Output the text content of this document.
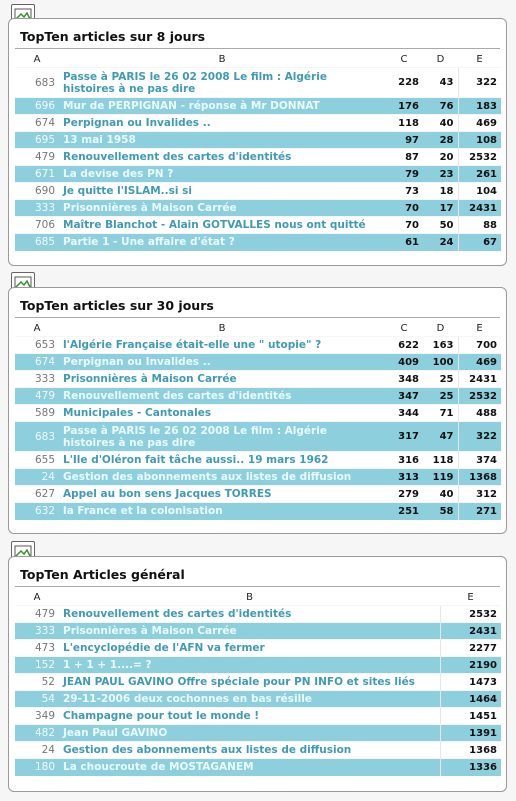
TopTen articles sur 8 jours
A	B	C	D	E
683	Passe à PARIS le 26 02 2008 Le film : Algérie histoires à ne pas dire	228	43	322
696	Mur de PERPIGNAN - réponse à Mr DONNAT	176	76	183
674	Perpignan ou Invalides ..	118	40	469
695	13 mai 1958	97	28	108
479	Renouvellement des cartes d'identités	87	20	2532
671	La devise des PN ?	79	23	261
690	Je quitte l'ISLAM..si si	73	18	104
333	Prisonnières à Maison Carrée	70	17	2431
706	Maître Blanchot - Alain GOTVALLES nous ont quitté	70	50	88
685	Partie 1 - Une affaire d'état ?	61	24	67
TopTen articles sur 30 jours
A	B	C	D	E
653	l'Algérie Française était-elle une " utopie" ?	622	163	700
674	Perpignan ou Invalides ..	409	100	469
333	Prisonnières à Maison Carrée	348	25	2431
479	Renouvellement des cartes d'identités	347	25	2532
589	Municipales - Cantonales	344	71	488
683	Passe à PARIS le 26 02 2008 Le film : Algérie histoires à ne pas dire	317	47	322
655	L'Ile d'Oléron fait tâche aussi.. 19 mars 1962	316	118	374
24	Gestion des abonnements aux listes de diffusion	313	119	1368
627	Appel au bon sens Jacques TORRES	279	40	312
632	la France et la colonisation	251	58	271
TopTen Articles général
A	B	E
479	Renouvellement des cartes d'identités	2532
333	Prisonnières à Maison Carrée	2431
473	L'encyclopédie de l'AFN va fermer	2277
152	1 + 1 + 1....= ?	2190
52	JEAN PAUL GAVINO Offre spéciale pour PN INFO et sites liés	1473
54	29-11-2006 deux cochonnes en bas résille	1464
349	Champagne pour tout le monde !	1451
482	Jean Paul GAVINO	1391
24	Gestion des abonnements aux listes de diffusion	1368
180	La choucroute de MOSTAGANEM	1336
